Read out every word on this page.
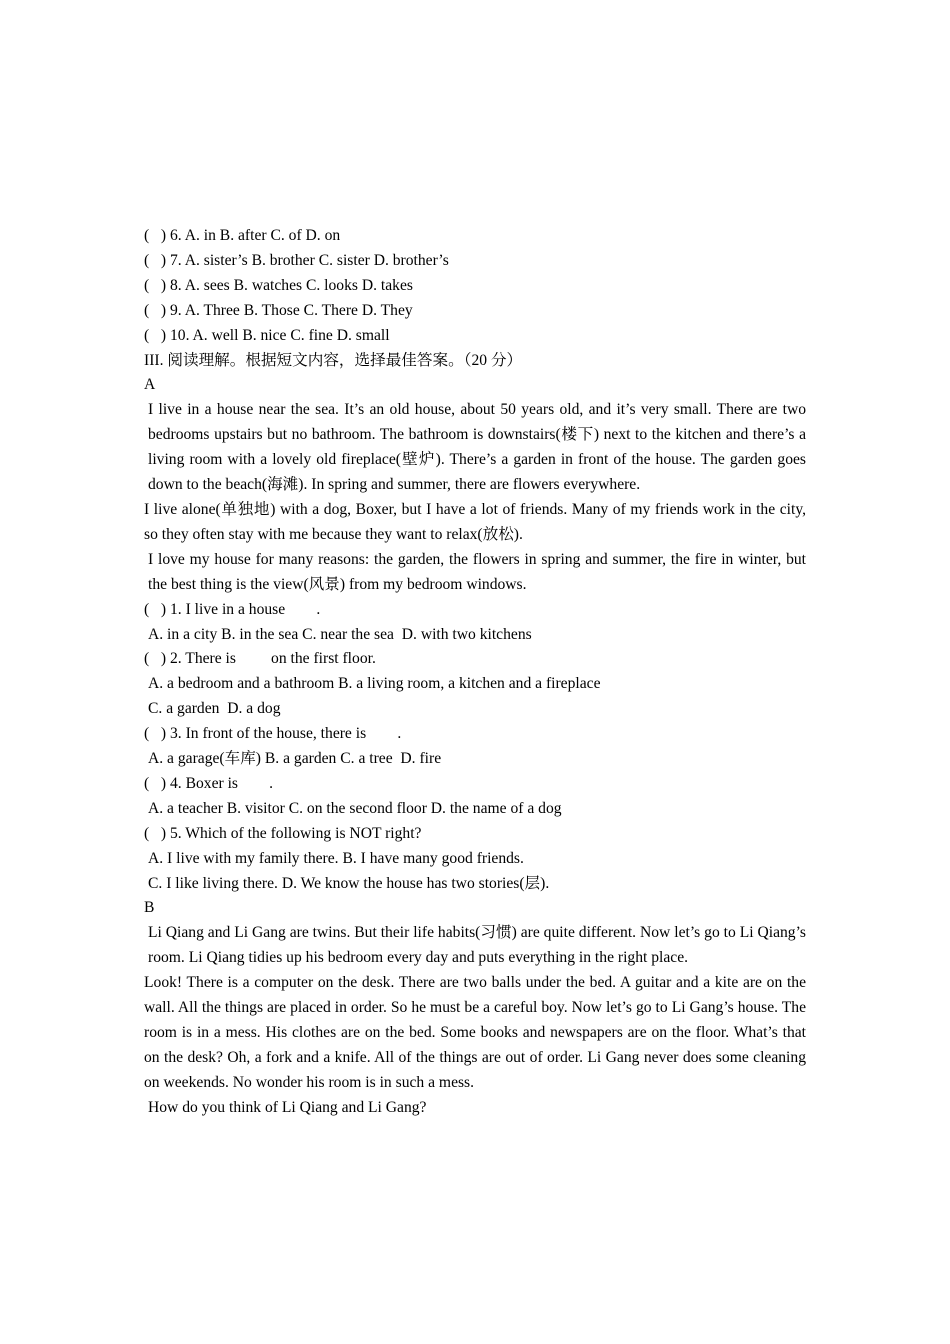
(   ) 6. A. in B. after C. of D. on
(   ) 7. A. sister’s B. brother C. sister D. brother’s
(   ) 8. A. sees B. watches C. looks D. takes
(   ) 9. A. Three B. Those C. There D. They
(   ) 10. A. well B. nice C. fine D. small
III. 阅读理解。根据短文内容，选择最佳答案。（20 分）
A
I live in a house near the sea. It’s an old house, about 50 years old, and it’s very small. There are two bedrooms upstairs but no bathroom. The bathroom is downstairs(楼下) next to the kitchen and there’s a living room with a lovely old fireplace(壁炉). There’s a garden in front of the house. The garden goes down to the beach(海滩). In spring and summer, there are flowers everywhere.
I live alone(单独地) with a dog, Boxer, but I have a lot of friends. Many of my friends work in the city, so they often stay with me because they want to relax(放松).
I love my house for many reasons: the garden, the flowers in spring and summer, the fire in winter, but the best thing is the view(风景) from my bedroom windows.
(   ) 1. I live in a house        .
A. in a city B. in the sea C. near the sea  D. with two kitchens
(   ) 2. There is         on the first floor.
A. a bedroom and a bathroom B. a living room, a kitchen and a fireplace
C. a garden  D. a dog
(   ) 3. In front of the house, there is        .
A. a garage(车库) B. a garden C. a tree  D. fire
(   ) 4. Boxer is        .
A. a teacher B. visitor C. on the second floor D. the name of a dog
(   ) 5. Which of the following is NOT right?
A. I live with my family there. B. I have many good friends.
C. I like living there. D. We know the house has two stories(层).
B
Li Qiang and Li Gang are twins. But their life habits(习惯) are quite different. Now let’s go to Li Qiang’s room. Li Qiang tidies up his bedroom every day and puts everything in the right place.
Look! There is a computer on the desk. There are two balls under the bed. A guitar and a kite are on the wall. All the things are placed in order. So he must be a careful boy. Now let’s go to Li Gang’s house. The room is in a mess. His clothes are on the bed. Some books and newspapers are on the floor. What’s that on the desk? Oh, a fork and a knife. All of the things are out of order. Li Gang never does some cleaning on weekends. No wonder his room is in such a mess.
How do you think of Li Qiang and Li Gang?
